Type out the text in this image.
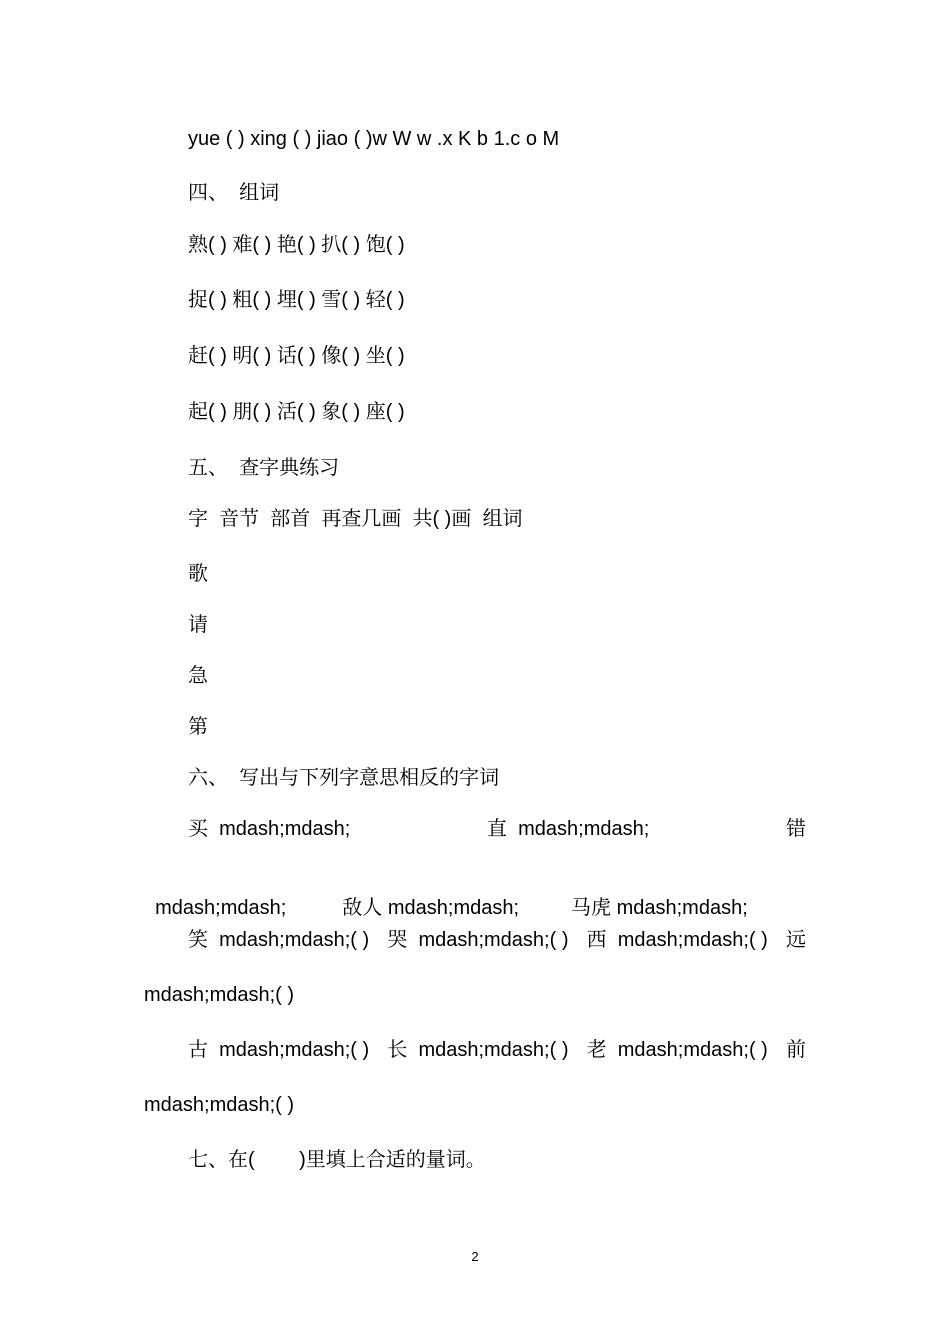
yue ( ) xing ( ) jiao ( )w W w .x K b 1.c o M
四、  组词
熟( ) 难( ) 艳( ) 扒( ) 饱( )
捉( ) 粗( ) 埋( ) 雪( ) 轻( )
赶( ) 明( ) 话( ) 像( ) 坐( )
起( ) 朋( ) 活( ) 象( ) 座( )
五、  查字典练习
字  音节  部首  再查几画  共( )画  组词
歌
请
急
第
六、  写出与下列字意思相反的字词
买  mdash;mdash;	直  mdash;mdash;	错

mdash;mdash;	敌人 mdash;mdash;	马虎 mdash;mdash;

笑  mdash;mdash;( ) 哭  mdash;mdash;( ) 西  mdash;mdash;( ) 远
mdash;mdash;( )
古  mdash;mdash;( ) 长  mdash;mdash;( ) 老  mdash;mdash;( ) 前
mdash;mdash;( )
七、在(        )里填上合适的量词。
2
